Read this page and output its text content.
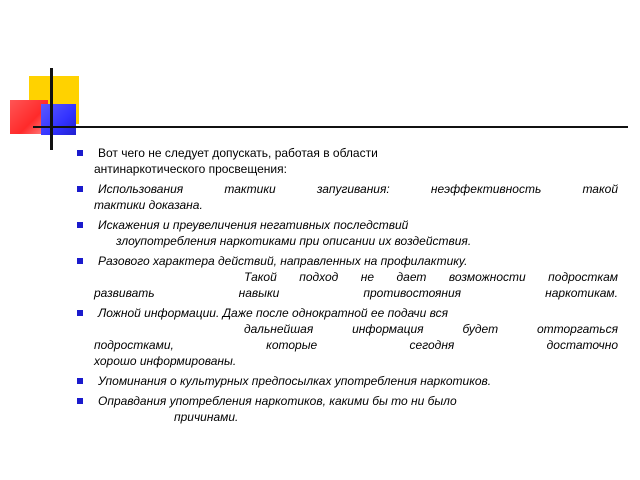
Вот чего не следует допускать, работая в области
антинаркотического просвещения:
Использования тактики запугивания: неэффективность такой
тактики доказана.
Искажения и преувеличения негативных последствий
злоупотребления наркотиками при описании их воздействия.
Разового характера действий, направленных на профилактику.
Такой подход не дает возможности подросткам
развивать навыки противостояния наркотикам.
Ложной информации. Даже после однократной ее подачи вся
дальнейшая информация будет отторгаться
подростками, которые сегодня достаточно
хорошо информированы.
Упоминания о культурных предпосылках употребления наркотиков.
Оправдания употребления наркотиков, какими бы то ни было
причинами.
